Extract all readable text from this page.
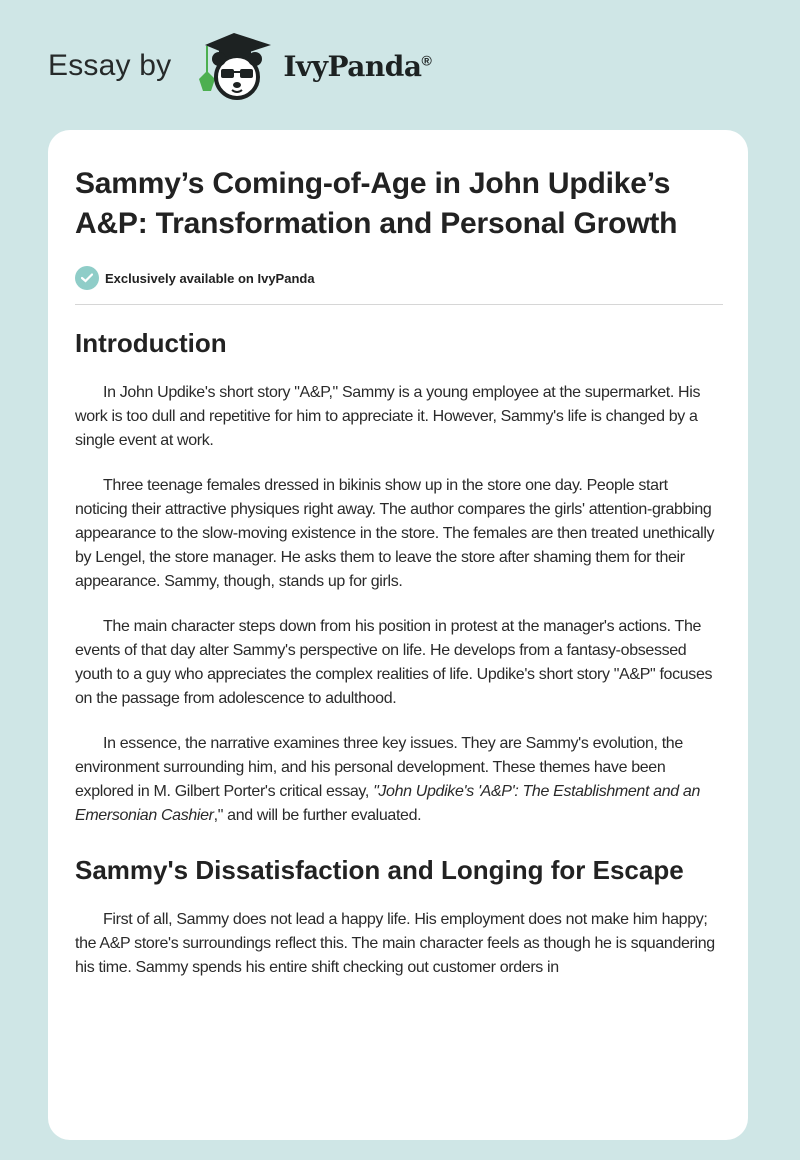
Essay by	IvyPanda®
Sammy’s Coming-of-Age in John Updike’s A&P: Transformation and Personal Growth
Exclusively available on IvyPanda
Introduction

In John Updike's short story "A&P," Sammy is a young employee at the supermarket. His work is too dull and repetitive for him to appreciate it. However, Sammy's life is changed by a single event at work.

Three teenage females dressed in bikinis show up in the store one day. People start noticing their attractive physiques right away. The author compares the girls' attention-grabbing appearance to the slow-moving existence in the store. The females are then treated unethically by Lengel, the store manager. He asks them to leave the store after shaming them for their appearance. Sammy, though, stands up for girls.

The main character steps down from his position in protest at the manager's actions. The events of that day alter Sammy's perspective on life. He develops from a fantasy-obsessed youth to a guy who appreciates the complex realities of life. Updike's short story "A&P" focuses on the passage from adolescence to adulthood.

In essence, the narrative examines three key issues. They are Sammy's evolution, the environment surrounding him, and his personal development. These themes have been explored in M. Gilbert Porter's critical essay, "John Updike's 'A&P': The Establishment and an Emersonian Cashier," and will be further evaluated.

Sammy's Dissatisfaction and Longing for Escape

First of all, Sammy does not lead a happy life. His employment does not make him happy; the A&P store's surroundings reflect this. The main character feels as though he is squandering his time. Sammy spends his entire shift checking out customer orders in
